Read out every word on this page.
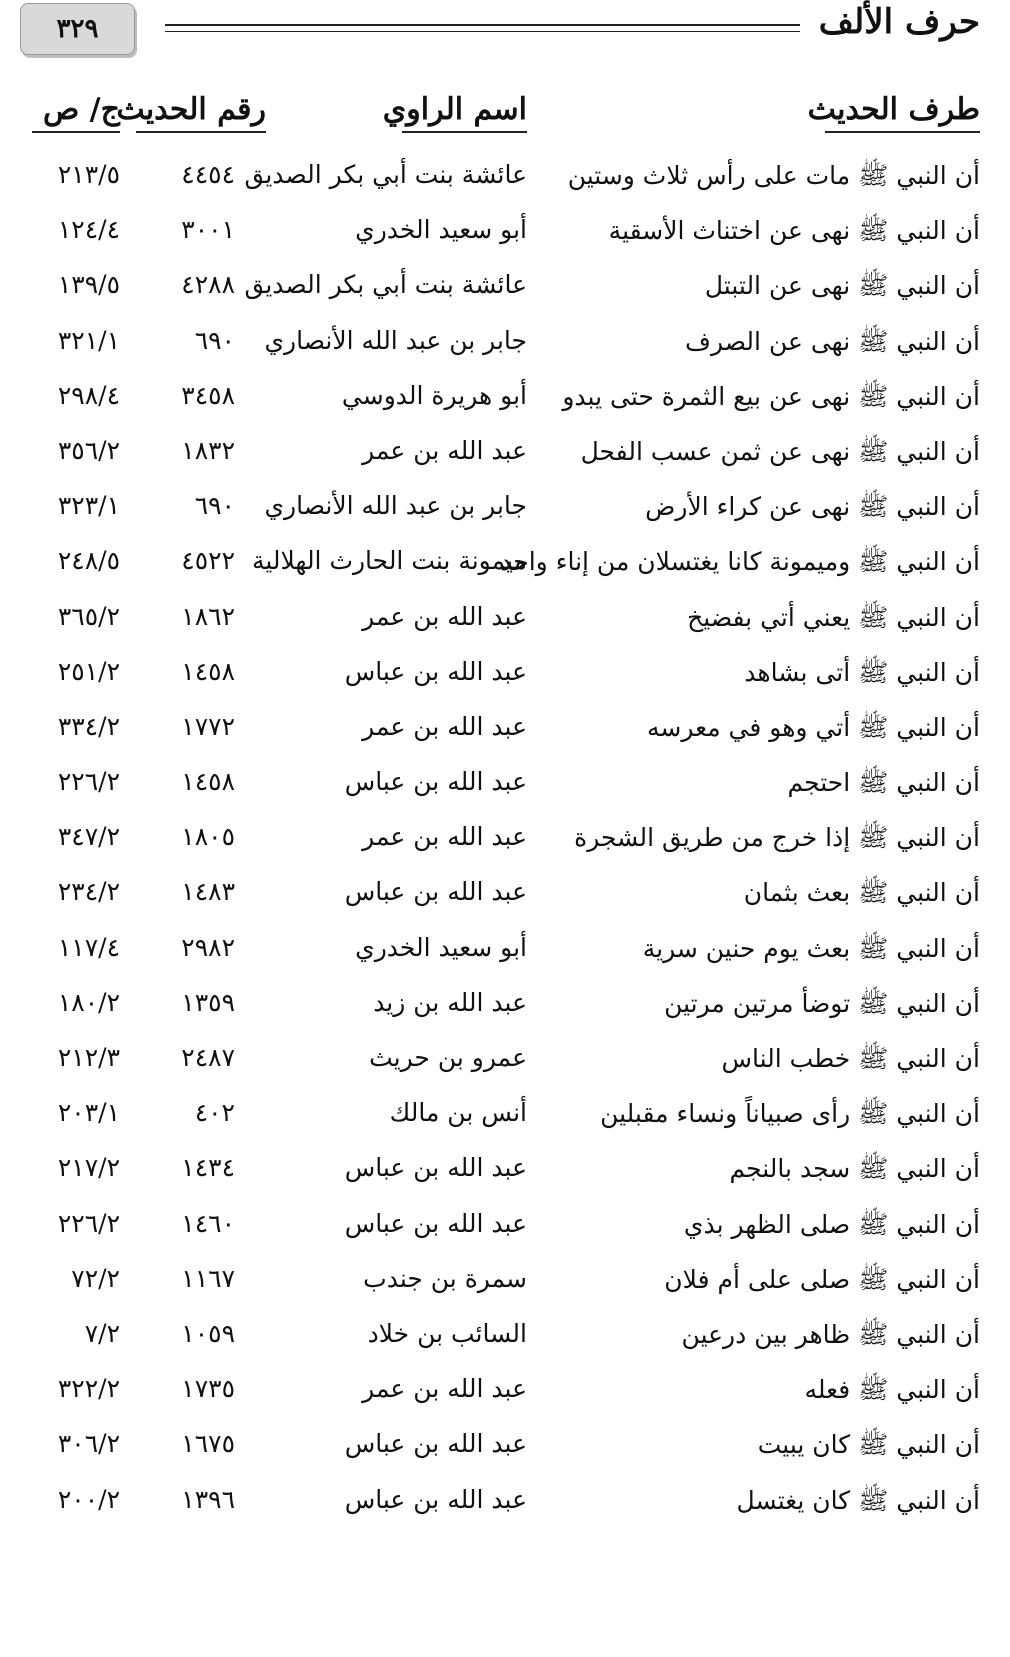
٣٢٩	حرف الألف
طرف الحديث
اسم الراوي
رقم الحديث
ج/ ص
أن النبي ﷺ مات على رأس ثلاث وستين
عائشة بنت أبي بكر الصديق
٤٤٥٤
٢١٣/٥
أن النبي ﷺ نهى عن اختناث الأسقية
أبو سعيد الخدري
٣٠٠١
١٢٤/٤
أن النبي ﷺ نهى عن التبتل
عائشة بنت أبي بكر الصديق
٤٢٨٨
١٣٩/٥
أن النبي ﷺ نهى عن الصرف
جابر بن عبد الله الأنصاري
٦٩٠
٣٢١/١
أن النبي ﷺ نهى عن بيع الثمرة حتى يبدو
أبو هريرة الدوسي
٣٤٥٨
٢٩٨/٤
أن النبي ﷺ نهى عن ثمن عسب الفحل
عبد الله بن عمر
١٨٣٢
٣٥٦/٢
أن النبي ﷺ نهى عن كراء الأرض
جابر بن عبد الله الأنصاري
٦٩٠
٣٢٣/١
أن النبي ﷺ وميمونة كانا يغتسلان من إناء واحد
ميمونة بنت الحارث الهلالية
٤٥٢٢
٢٤٨/٥
أن النبي ﷺ يعني أتي بفضيخ
عبد الله بن عمر
١٨٦٢
٣٦٥/٢
أن النبي ﷺ أتى بشاهد
عبد الله بن عباس
١٤٥٨
٢٥١/٢
أن النبي ﷺ أتي وهو في معرسه
عبد الله بن عمر
١٧٧٢
٣٣٤/٢
أن النبي ﷺ احتجم
عبد الله بن عباس
١٤٥٨
٢٢٦/٢
أن النبي ﷺ إذا خرج من طريق الشجرة
عبد الله بن عمر
١٨٠٥
٣٤٧/٢
أن النبي ﷺ بعث بثمان
عبد الله بن عباس
١٤٨٣
٢٣٤/٢
أن النبي ﷺ بعث يوم حنين سرية
أبو سعيد الخدري
٢٩٨٢
١١٧/٤
أن النبي ﷺ توضأ مرتين مرتين
عبد الله بن زيد
١٣٥٩
١٨٠/٢
أن النبي ﷺ خطب الناس
عمرو بن حريث
٢٤٨٧
٢١٢/٣
أن النبي ﷺ رأى صبياناً ونساء مقبلين
أنس بن مالك
٤٠٢
٢٠٣/١
أن النبي ﷺ سجد بالنجم
عبد الله بن عباس
١٤٣٤
٢١٧/٢
أن النبي ﷺ صلى الظهر بذي
عبد الله بن عباس
١٤٦٠
٢٢٦/٢
أن النبي ﷺ صلى على أم فلان
سمرة بن جندب
١١٦٧
٧٢/٢
أن النبي ﷺ ظاهر بين درعين
السائب بن خلاد
١٠٥٩
٧/٢
أن النبي ﷺ فعله
عبد الله بن عمر
١٧٣٥
٣٢٢/٢
أن النبي ﷺ كان يبيت
عبد الله بن عباس
١٦٧٥
٣٠٦/٢
أن النبي ﷺ كان يغتسل
عبد الله بن عباس
١٣٩٦
٢٠٠/٢
